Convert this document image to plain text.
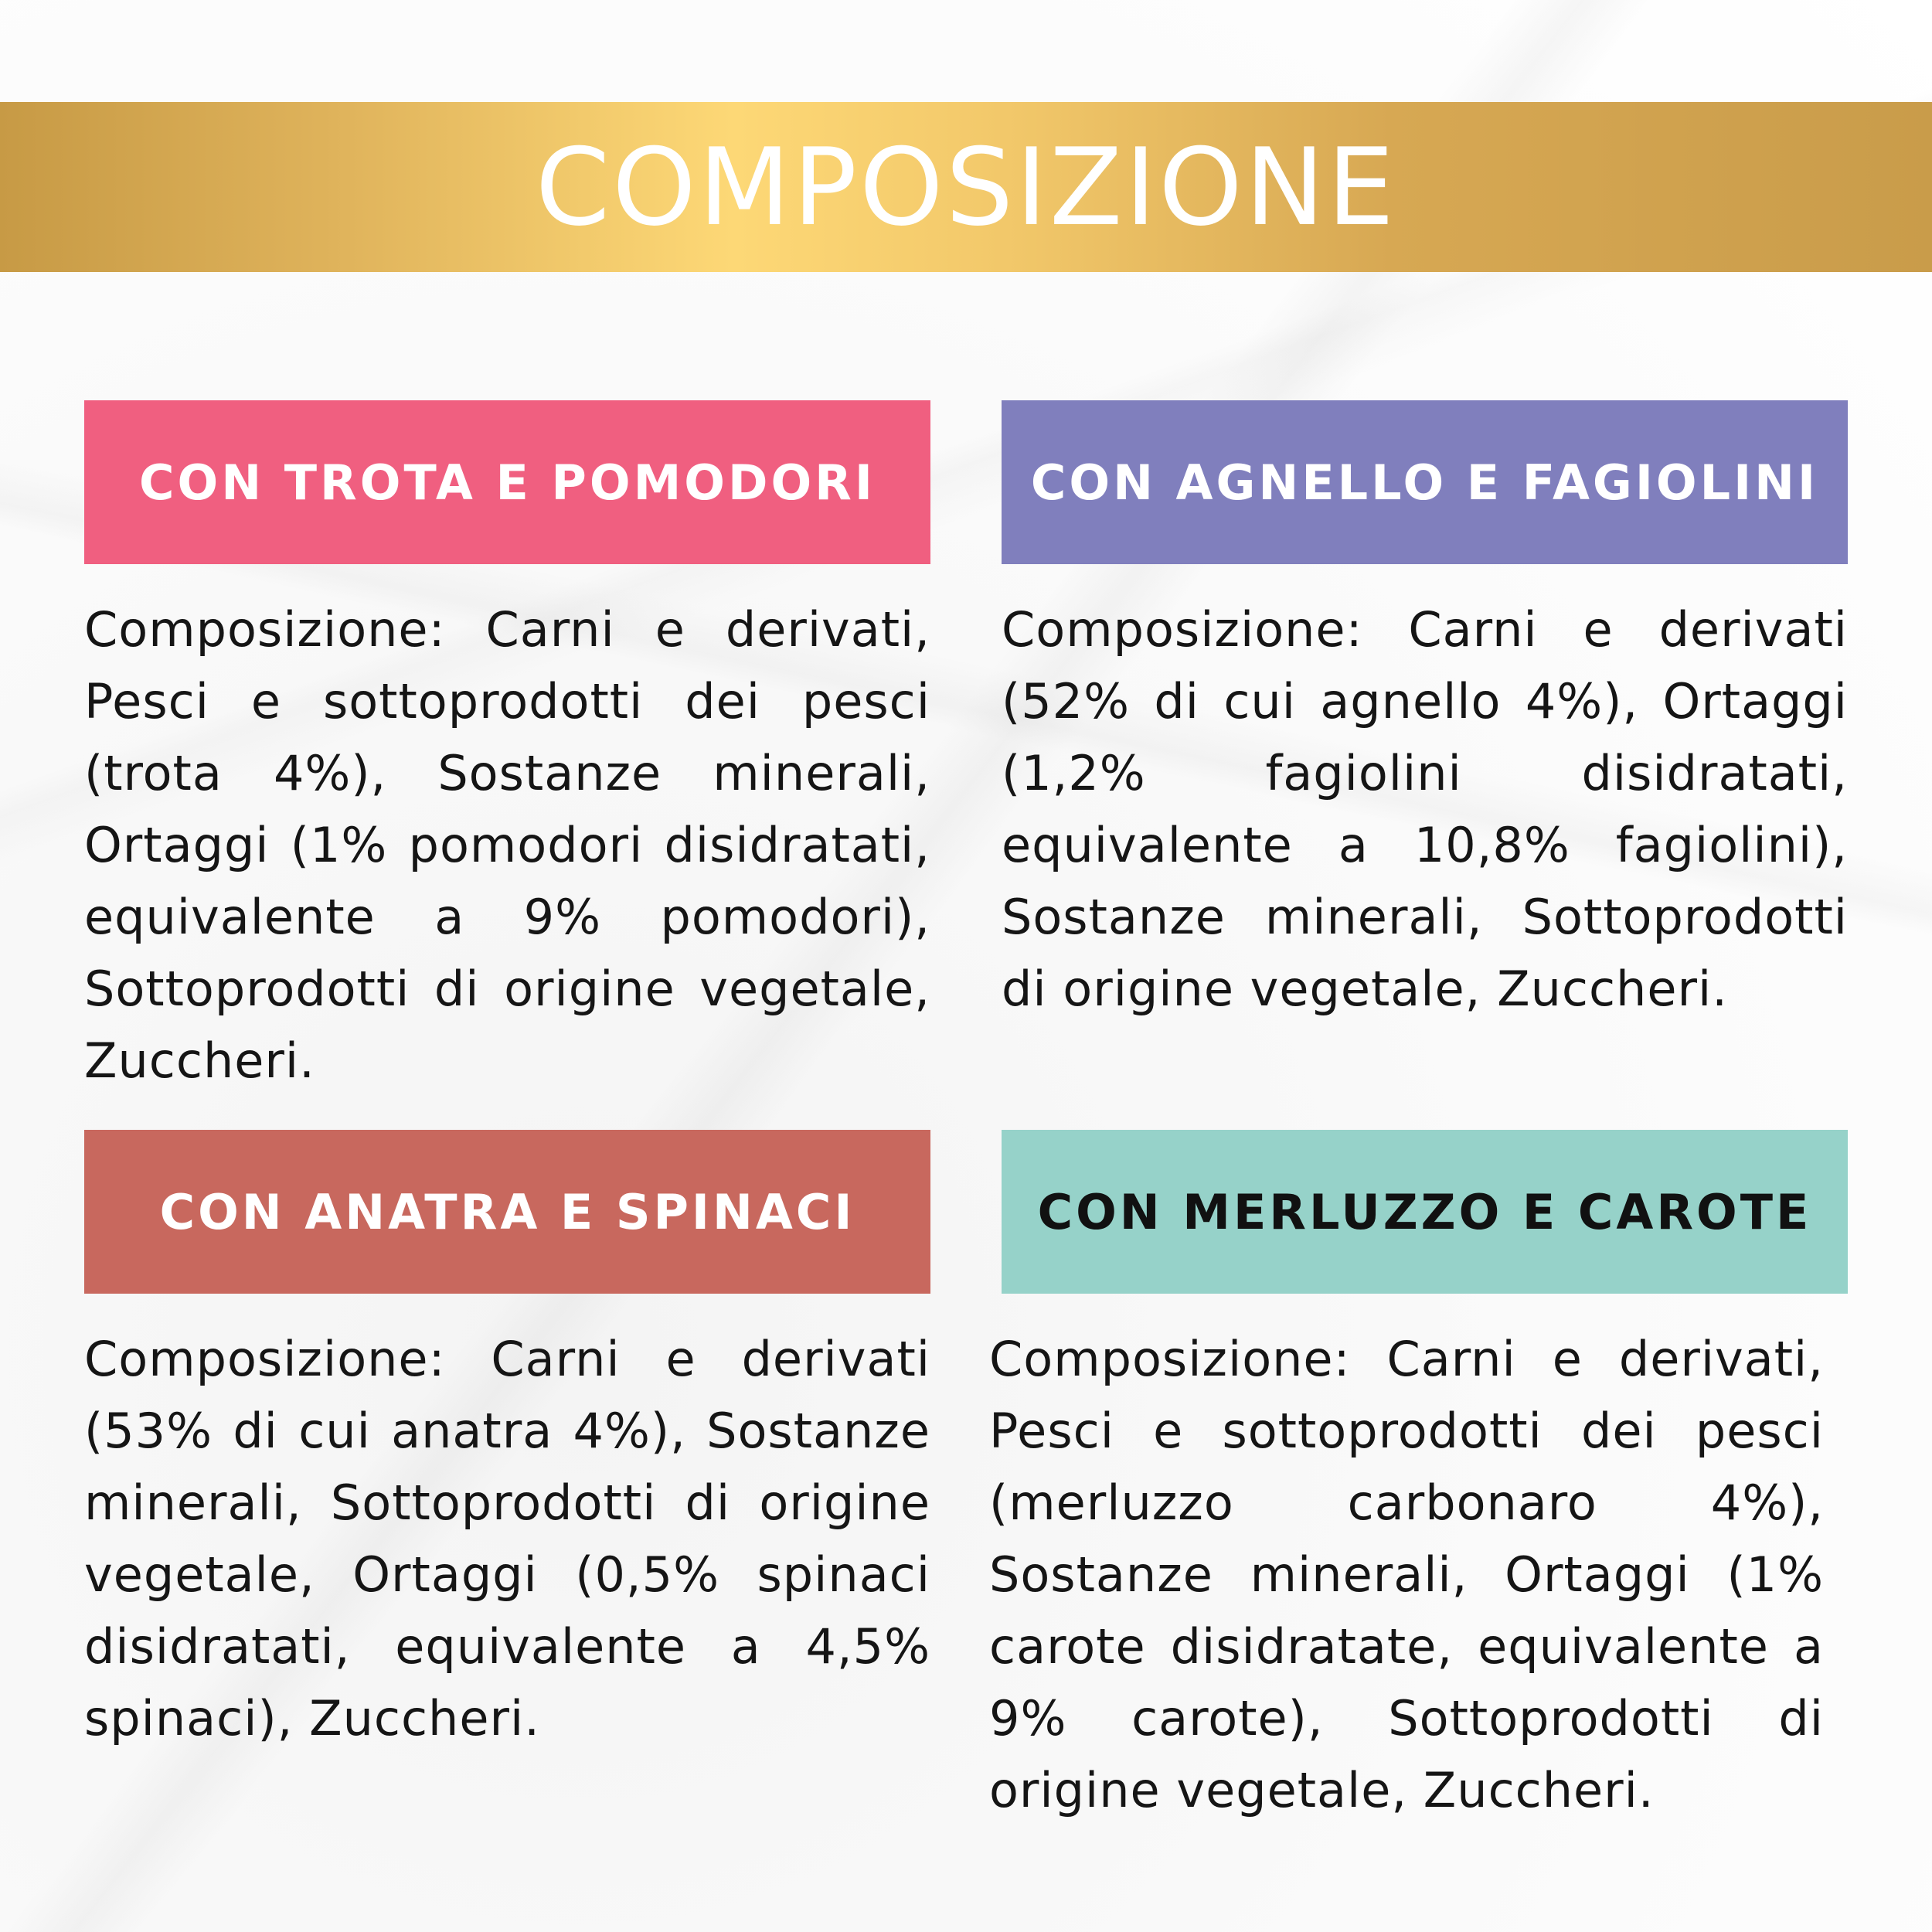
COMPOSIZIONE
CON TROTA E POMODORI
Composizione: Carni e derivati, Pesci e sottoprodotti dei pesci (trota 4%), Sostanze minerali, Ortaggi (1% pomodori disidratati, equivalente a 9% pomodori), Sottoprodotti di origine vegetale, Zuccheri.
CON AGNELLO E FAGIOLINI
Composizione: Carni e derivati (52% di cui agnello 4%), Ortaggi (1,2% fagiolini disidratati, equivalente a 10,8% fagiolini), Sostanze minerali, Sottoprodotti di origine vegetale, Zuccheri.
CON ANATRA E SPINACI
Composizione: Carni e derivati (53% di cui anatra 4%), Sostanze minerali, Sottoprodotti di origine vegetale, Ortaggi (0,5% spinaci disidratati, equivalente a 4,5% spinaci), Zuccheri.
CON MERLUZZO E CAROTE
Composizione: Carni e derivati, Pesci e sottoprodotti dei pesci (merluzzo carbonaro 4%), Sostanze minerali, Ortaggi (1% carote disidratate, equivalente a 9% carote), Sottoprodotti di origine vegetale, Zuccheri.
